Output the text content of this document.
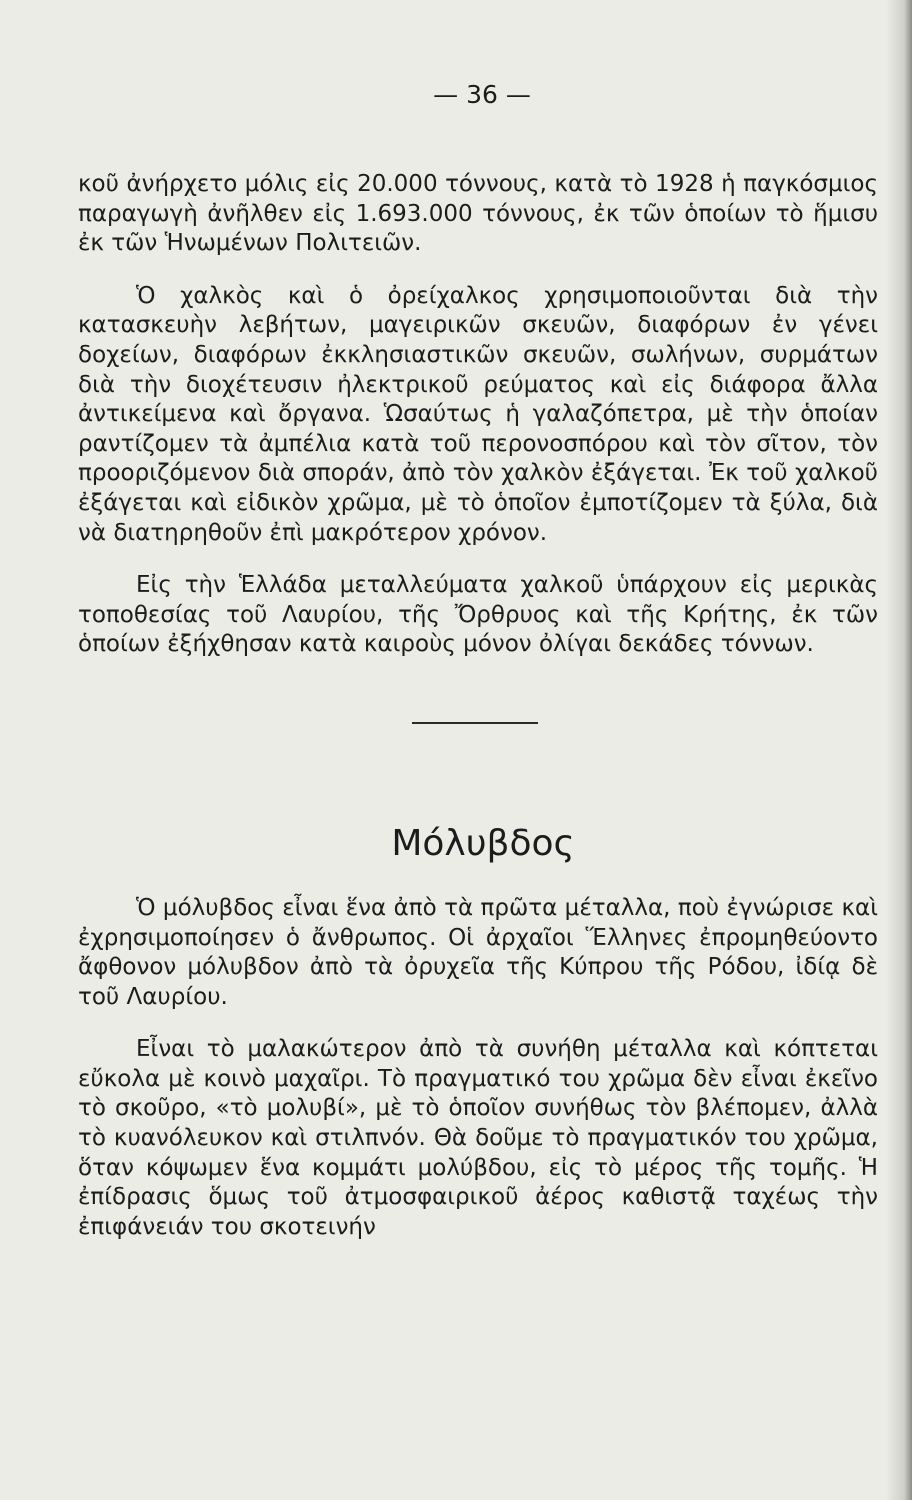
— 36 —

κοῦ ἀνήρχετο μόλις εἰς 20.000 τόννους, κατὰ τὸ 1928 ἡ παγκόσμιος παραγωγὴ ἀνῆλθεν εἰς 1.693.000 τόννους, ἐκ τῶν ὁποίων τὸ ἥμισυ ἐκ τῶν Ἡνωμένων Πολιτειῶν.

Ὁ χαλκὸς καὶ ὁ ὀρείχαλκος χρησιμοποιοῦνται διὰ τὴν κατασκευὴν λεβήτων, μαγειρικῶν σκευῶν, διαφόρων ἐν γένει δοχείων, διαφόρων ἐκκλησιαστικῶν σκευῶν, σωλήνων, συρμάτων διὰ τὴν διοχέτευσιν ἠλεκτρικοῦ ρεύματος καὶ εἰς διάφορα ἄλλα ἀντικείμενα καὶ ὄργανα. Ὡσαύτως ἡ γαλαζόπετρα, μὲ τὴν ὁποίαν ραντίζομεν τὰ ἀμπέλια κατὰ τοῦ περονοσπόρου καὶ τὸν σῖτον, τὸν προοριζόμενον διὰ σποράν, ἀπὸ τὸν χαλκὸν ἐξάγεται. Ἐκ τοῦ χαλκοῦ ἐξάγεται καὶ εἰδικὸν χρῶμα, μὲ τὸ ὁποῖον ἐμποτίζομεν τὰ ξύλα, διὰ νὰ διατηρηθοῦν ἐπὶ μακρότερον χρόνον.

Εἰς τὴν Ἑλλάδα μεταλλεύματα χαλκοῦ ὑπάρχουν εἰς μερικὰς τοποθεσίας τοῦ Λαυρίου, τῆς Ὄρθρυος καὶ τῆς Κρήτης, ἐκ τῶν ὁποίων ἐξήχθησαν κατὰ καιροὺς μόνον ὀλίγαι δεκάδες τόννων.

Μόλυβδος

Ὁ μόλυβδος εἶναι ἕνα ἀπὸ τὰ πρῶτα μέταλλα, ποὺ ἐγνώρισε καὶ ἐχρησιμοποίησεν ὁ ἄνθρωπος. Οἱ ἀρχαῖοι Ἕλληνες ἐπρομηθεύοντο ἄφθονον μόλυβδον ἀπὸ τὰ ὀρυχεῖα τῆς Κύπρου τῆς Ρόδου, ἰδίᾳ δὲ τοῦ Λαυρίου.

Εἶναι τὸ μαλακώτερον ἀπὸ τὰ συνήθη μέταλλα καὶ κόπτεται εὔκολα μὲ κοινὸ μαχαῖρι. Τὸ πραγματικό του χρῶμα δὲν εἶναι ἐκεῖνο τὸ σκοῦρο, «τὸ μολυβί», μὲ τὸ ὁποῖον συνήθως τὸν βλέπομεν, ἀλλὰ τὸ κυανόλευκον καὶ στιλπνόν. Θὰ δοῦμε τὸ πραγματικόν του χρῶμα, ὅταν κόψωμεν ἕνα κομμάτι μολύβδου, εἰς τὸ μέρος τῆς τομῆς. Ἡ ἐπίδρασις ὅμως τοῦ ἀτμοσφαιρικοῦ ἀέρος καθιστᾷ ταχέως τὴν ἐπιφάνειάν του σκοτεινήν
